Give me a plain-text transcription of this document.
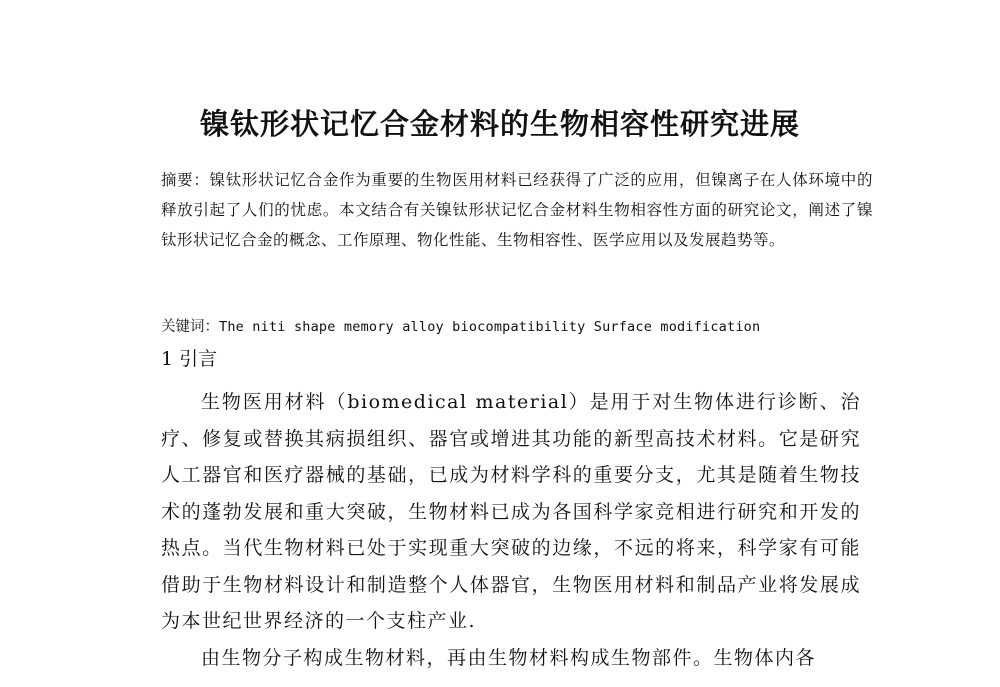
镍钛形状记忆合金材料的生物相容性研究进展

摘要：镍钛形状记忆合金作为重要的生物医用材料已经获得了广泛的应用，但镍离子在人体环境中的释放引起了人们的忧虑。本文结合有关镍钛形状记忆合金材料生物相容性方面的研究论文，阐述了镍钛形状记忆合金的概念、工作原理、物化性能、生物相容性、医学应用以及发展趋势等。

关键词：The niti shape memory alloy biocompatibility Surface modification

1 引言

生物医用材料（biomedical material）是用于对生物体进行诊断、治疗、修复或替换其病损组织、器官或增进其功能的新型高技术材料。它是研究人工器官和医疗器械的基础，已成为材料学科的重要分支，尤其是随着生物技术的蓬勃发展和重大突破，生物材料已成为各国科学家竞相进行研究和开发的热点。当代生物材料已处于实现重大突破的边缘，不远的将来，科学家有可能借助于生物材料设计和制造整个人体器官，生物医用材料和制品产业将发展成为本世纪世界经济的一个支柱产业.

由生物分子构成生物材料，再由生物材料构成生物部件。生物体内各
